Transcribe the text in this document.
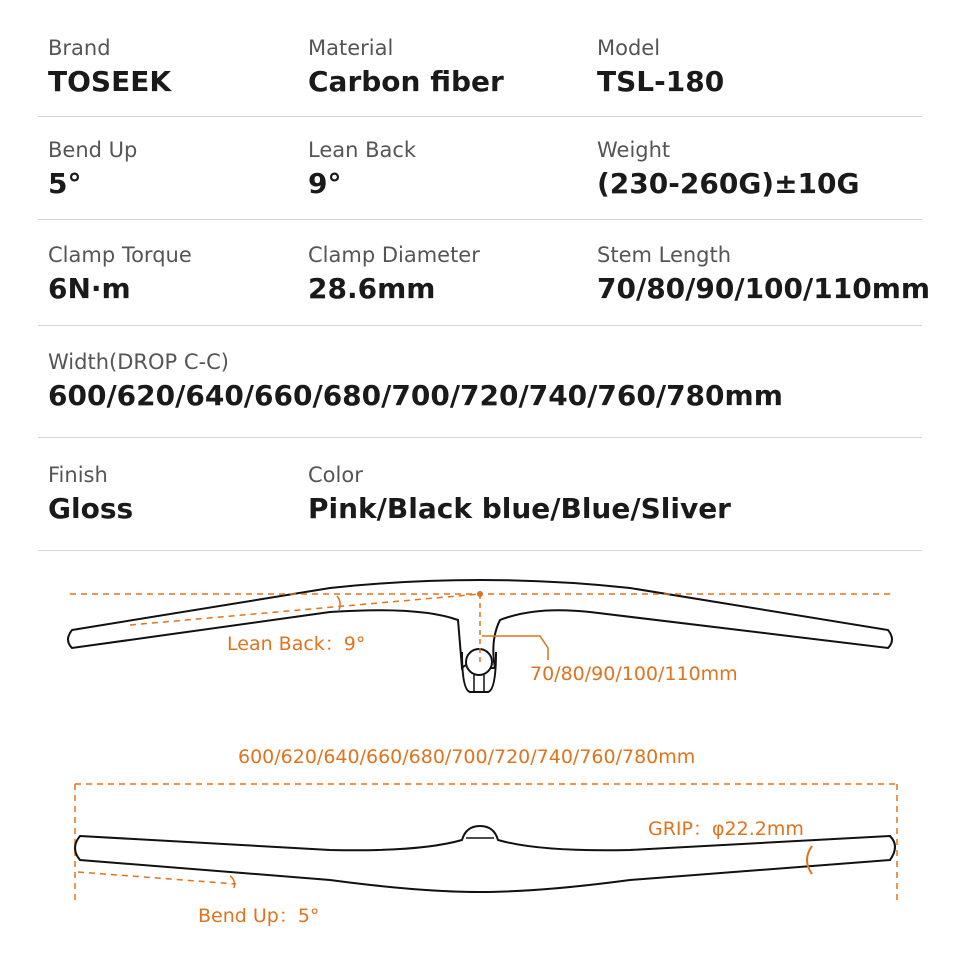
Brand
TOSEEK
Material
Carbon fiber
Model
TSL-180
Bend Up
5°
Lean Back
9°
Weight
(230-260G)±10G
Clamp Torque
6N·m
Clamp Diameter
28.6mm
Stem Length
70/80/90/100/110mm
Width(DROP C-C)
600/620/640/660/680/700/720/740/760/780mm
Finish
Gloss
Color
Pink/Black blue/Blue/Sliver
Lean Back：9°
70/80/90/100/110mm
600/620/640/660/680/700/720/740/760/780mm
Bend Up：5°
GRIP：φ22.2mm
